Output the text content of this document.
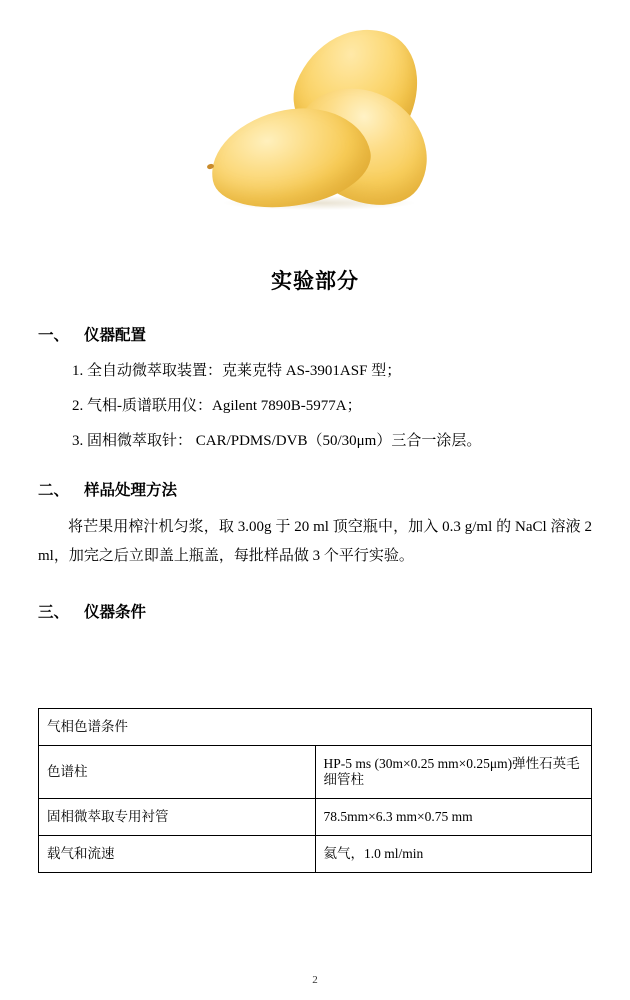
实验部分
一、 仪器配置
1. 全自动微萃取装置：克莱克特 AS-3901ASF 型；
2. 气相-质谱联用仪：Agilent 7890B-5977A；
3. 固相微萃取针： CAR/PDMS/DVB（50/30μm）三合一涂层。
二、 样品处理方法
将芒果用榨汁机匀浆，取 3.00g 于 20 ml 顶空瓶中，加入 0.3 g/ml 的 NaCl 溶液 2 ml，加完之后立即盖上瓶盖，每批样品做 3 个平行实验。
三、 仪器条件
气相色谱条件	
色谱柱	HP-5 ms (30m×0.25 mm×0.25μm)弹性石英毛细管柱
固相微萃取专用衬管	78.5mm×6.3 mm×0.75 mm
载气和流速	氦气，1.0 ml/min
2
